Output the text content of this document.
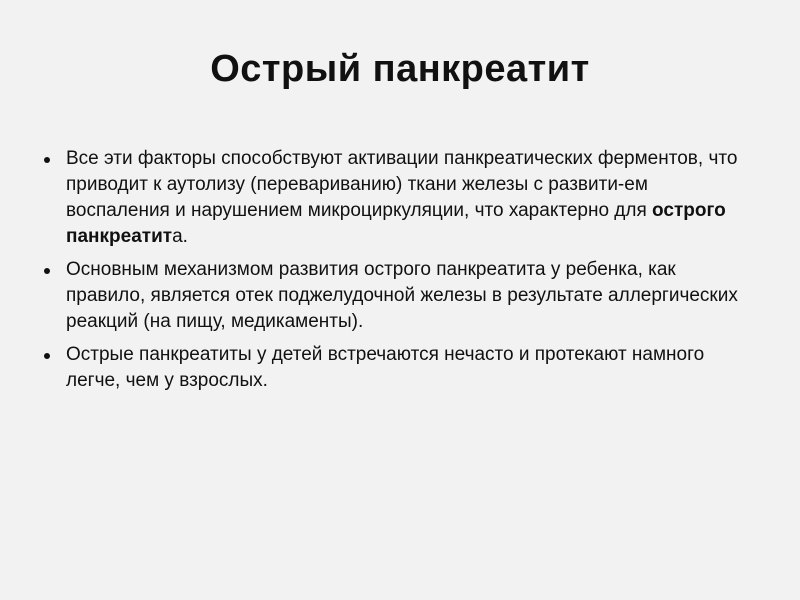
Острый панкреатит
Все эти факторы способствуют активации панкреатических ферментов, что приводит к аутолизу (перевариванию) ткани железы с развити-ем воспаления и нарушением микроциркуляции, что характерно для острого панкреатита.
Основным механизмом развития острого панкреатита у ребенка, как правило, является отек поджелудочной железы в результате аллергических реакций (на пищу, медикаменты).
Острые панкреатиты у детей встречаются нечасто и протекают намного легче, чем у взрослых.
